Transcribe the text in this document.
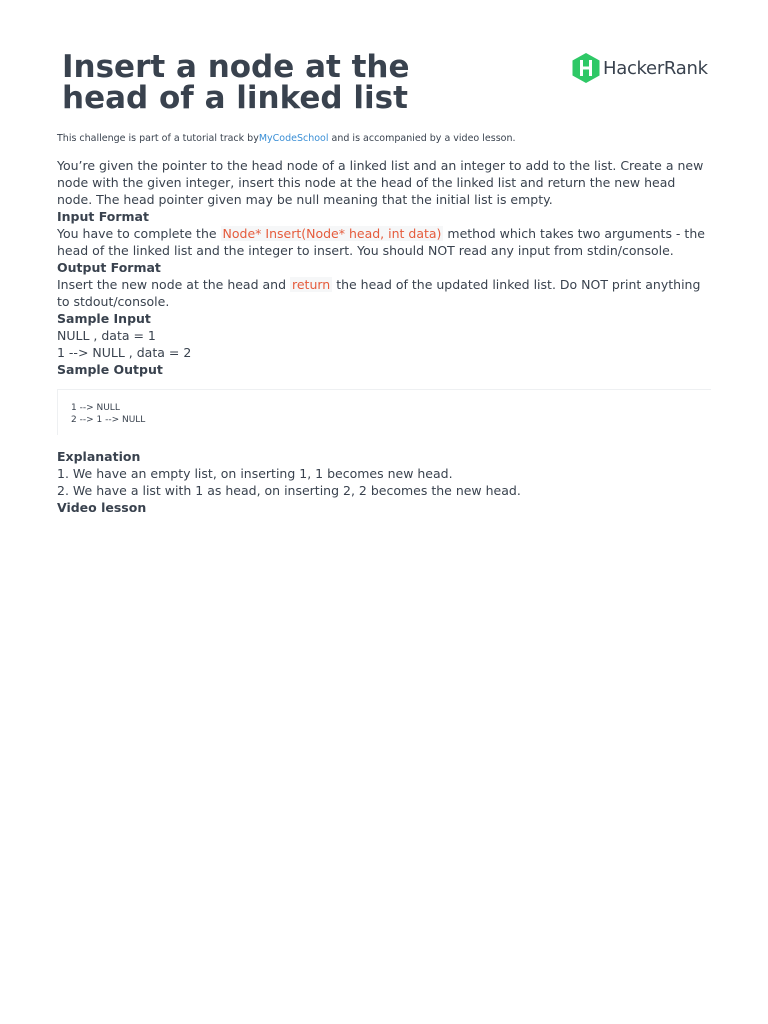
Insert a node at the
head of a linked list
HackerRank
This challenge is part of a tutorial track byMyCodeSchool and is accompanied by a video lesson.

You’re given the pointer to the head node of a linked list and an integer to add to the list. Create a new node with the given integer, insert this node at the head of the linked list and return the new head node. The head pointer given may be null meaning that the initial list is empty.

Input Format

You have to complete the Node* Insert(Node* head, int data) method which takes two arguments - the head of the linked list and the integer to insert. You should NOT read any input from stdin/console.

Output Format

Insert the new node at the head and return the head of the updated linked list. Do NOT print anything to stdout/console.

Sample Input

NULL , data = 1

1 --> NULL , data = 2

Sample Output

1 --> NULL
2 --> 1 --> NULL

Explanation

1. We have an empty list, on inserting 1, 1 becomes new head.

2. We have a list with 1 as head, on inserting 2, 2 becomes the new head.

Video lesson
